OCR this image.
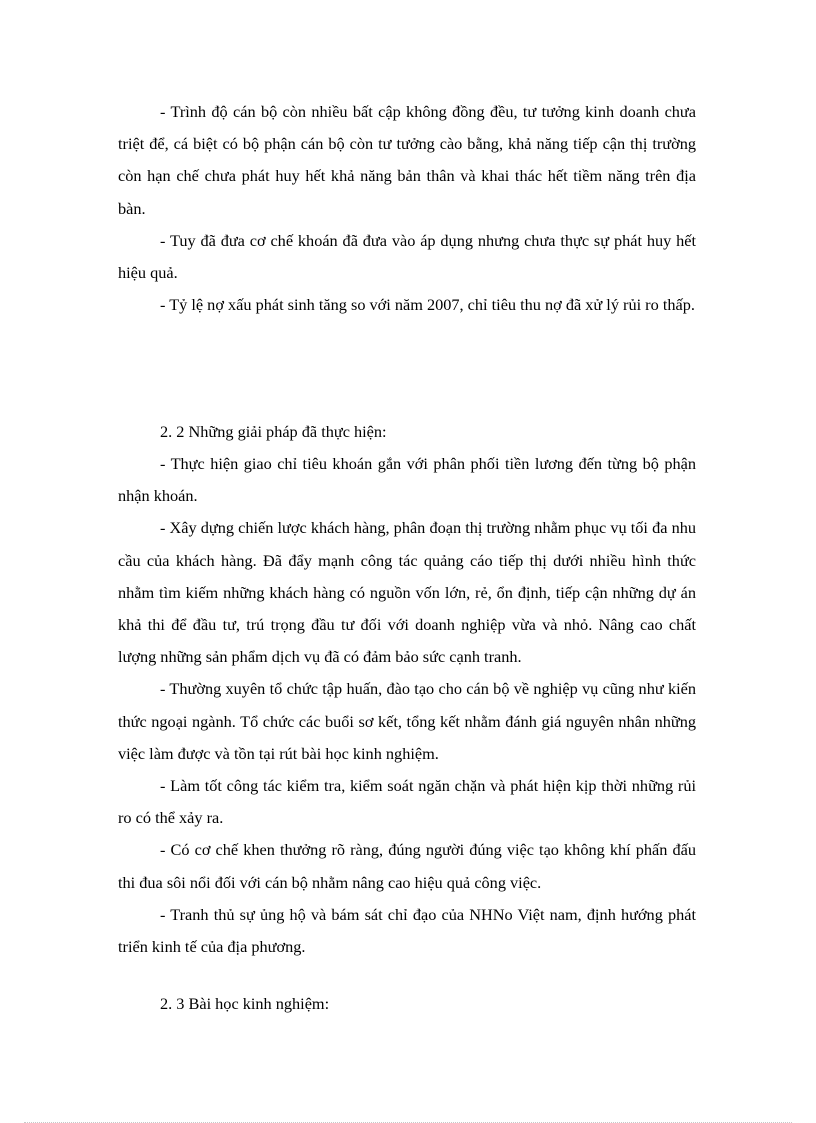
- Trình độ cán bộ còn nhiều bất cập không đồng đều, tư tưởng kinh doanh chưa triệt để, cá biệt có bộ phận cán bộ còn tư tưởng cào bằng, khả năng tiếp cận thị trường còn hạn chế chưa phát huy hết khả năng bản thân và khai thác hết tiềm năng trên địa bàn.

- Tuy đã đưa cơ chế khoán đã đưa vào áp dụng nhưng chưa thực sự phát huy hết hiệu quả.

- Tỷ lệ nợ xấu phát sinh tăng so với năm 2007, chỉ tiêu thu nợ đã xử lý rủi ro thấp.

2. 2 Những giải pháp đã thực hiện:

- Thực hiện giao chỉ tiêu khoán gắn với phân phối tiền lương đến từng bộ phận nhận khoán.

- Xây dựng chiến lược khách hàng, phân đoạn thị trường nhằm phục vụ tối đa nhu cầu của khách hàng. Đã đẩy mạnh công tác quảng cáo tiếp thị dưới nhiều hình thức nhằm tìm kiếm những khách hàng có nguồn vốn lớn, rẻ, ổn định, tiếp cận những dự án khả thi để đầu tư, trú trọng đầu tư đối với doanh nghiệp vừa và nhỏ. Nâng cao chất lượng những sản phẩm dịch vụ đã có đảm bảo sức cạnh tranh.

- Thường xuyên tổ chức tập huấn, đào tạo cho cán bộ về nghiệp vụ cũng như kiến thức ngoại ngành. Tổ chức các buổi sơ kết, tổng kết nhằm đánh giá nguyên nhân những việc làm được và tồn tại rút bài học kinh nghiệm.

- Làm tốt công tác kiểm tra, kiểm soát ngăn chặn và phát hiện kịp thời những rủi ro có thể xảy ra.

- Có cơ chế khen thưởng rõ ràng, đúng người đúng việc tạo không khí phấn đấu thi đua sôi nổi đối với cán bộ nhằm nâng cao hiệu quả công việc.

- Tranh thủ sự ủng hộ và bám sát chỉ đạo của NHNo Việt nam, định hướng phát triển kinh tế của địa phương.

2. 3 Bài học kinh nghiệm:
